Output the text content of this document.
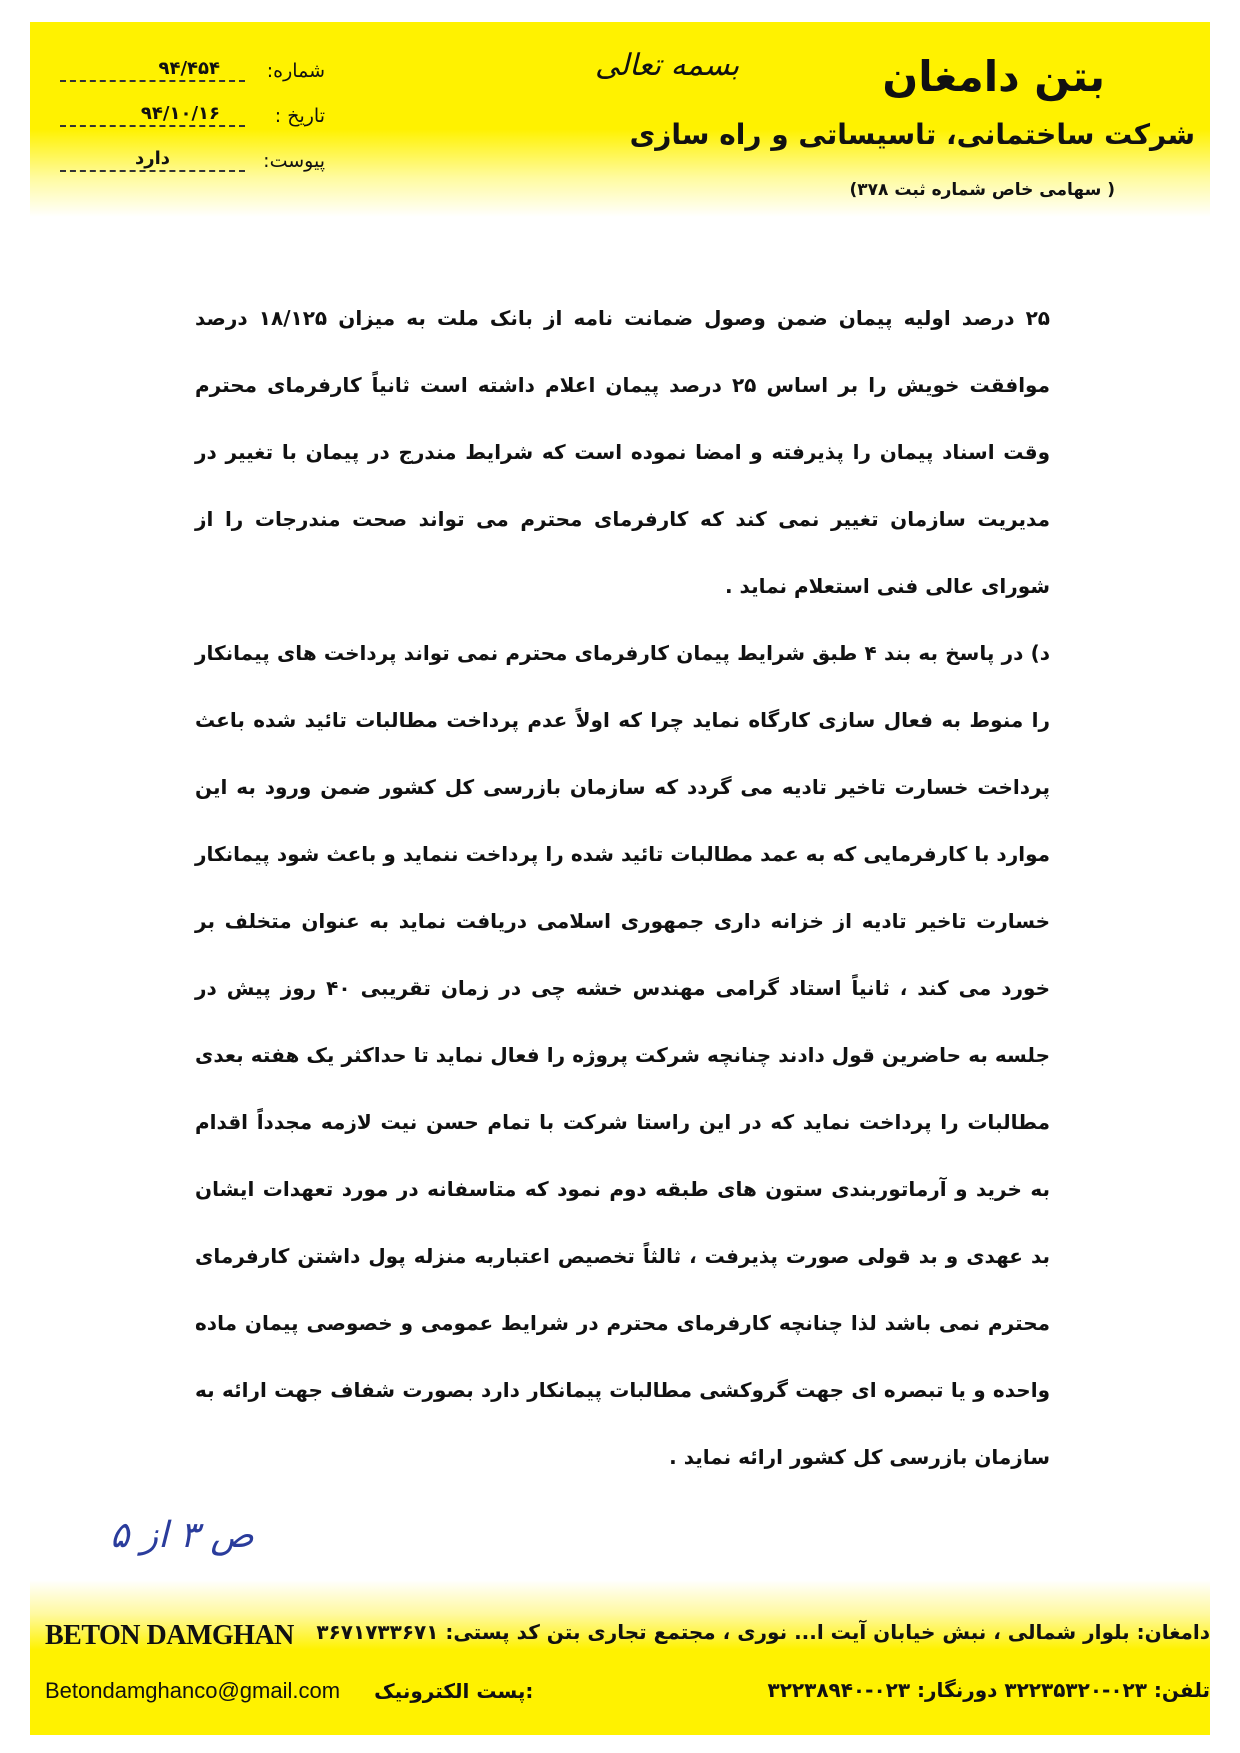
بتن دامغان
شرکت ساختمانی، تاسیساتی و راه سازی
( سهامی خاص شماره ثبت ۳۷۸)
بسمه تعالی
شماره:
۹۴/۴۵۴
تاریخ :
۹۴/۱۰/۱۶
پیوست:
دارد

۲۵ درصد اولیه پیمان ضمن وصول ضمانت نامه از بانک ملت به میزان ۱۸/۱۲۵ درصد موافقت خویش را بر اساس ۲۵ درصد پیمان اعلام داشته است ثانیاً کارفرمای محترم وقت اسناد پیمان را پذیرفته و امضا نموده است که شرایط مندرج در پیمان با تغییر در مدیریت سازمان تغییر نمی کند که کارفرمای محترم می تواند صحت مندرجات را از شورای عالی فنی استعلام نماید .

د) در پاسخ به بند ۴ طبق شرایط پیمان کارفرمای محترم نمی تواند پرداخت های پیمانکار را منوط به فعال سازی کارگاه نماید چرا که اولاً عدم پرداخت مطالبات تائید شده باعث پرداخت خسارت تاخیر تادیه می گردد که سازمان بازرسی کل کشور ضمن ورود به این موارد با کارفرمایی که به عمد مطالبات تائید شده را پرداخت ننماید و باعث شود پیمانکار خسارت تاخیر تادیه از خزانه داری جمهوری اسلامی دریافت نماید به عنوان متخلف بر خورد می کند ، ثانیاً استاد گرامی مهندس خشه چی در زمان تقریبی ۴۰ روز پیش در جلسه به حاضرین قول دادند چنانچه شرکت پروژه را فعال نماید تا حداکثر یک هفته بعدی مطالبات را پرداخت نماید که در این راستا شرکت با تمام حسن نیت لازمه مجدداً اقدام به خرید و آرماتوربندی ستون های طبقه دوم نمود که متاسفانه در مورد تعهدات ایشان بد عهدی و بد قولی صورت پذیرفت ، ثالثاً تخصیص اعتباربه منزله پول داشتن کارفرمای محترم نمی باشد لذا چنانچه کارفرمای محترم در شرایط عمومی و خصوصی پیمان ماده واحده و یا تبصره ای جهت گروکشی مطالبات پیمانکار دارد بصورت شفاف جهت ارائه به سازمان بازرسی کل کشور ارائه نماید .

ص ۳ از ۵
BETON DAMGHAN دامغان: بلوار شمالی ، نبش خیابان آیت ا... نوری ، مجتمع تجاری بتن کد پستی: ۳۶۷۱۷۳۳۶۷۱
Betondamghanco@gmail.com پست الکترونیک:	تلفن: ۰۲۳-۳۲۲۳۵۳۲۰ دورنگار: ۰۲۳-۳۲۲۳۸۹۴۰
